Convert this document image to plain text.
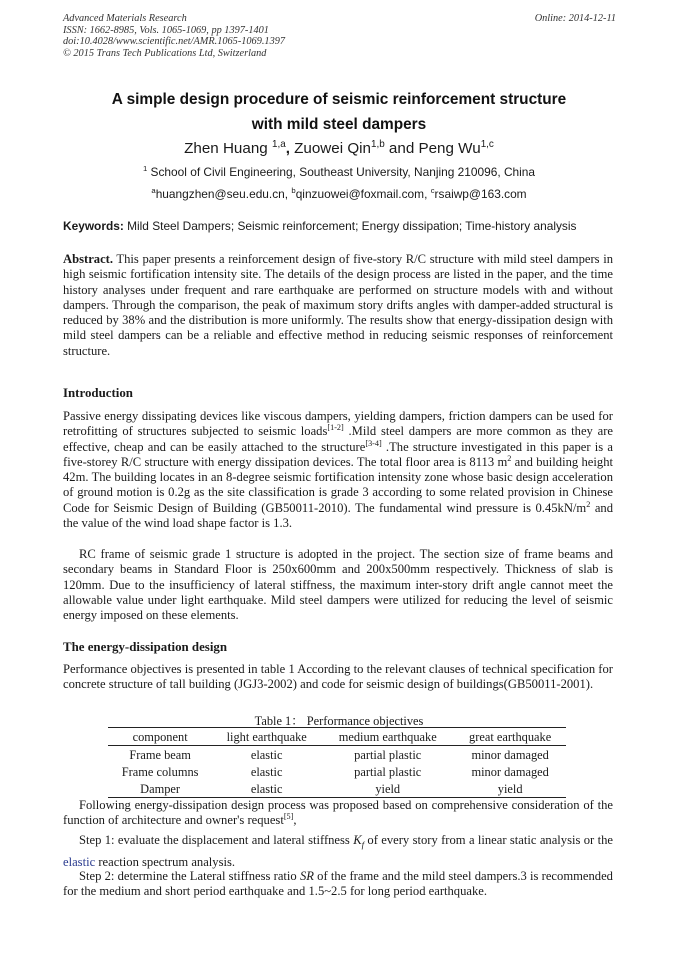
Advanced Materials Research
ISSN: 1662-8985, Vols. 1065-1069, pp 1397-1401
doi:10.4028/www.scientific.net/AMR.1065-1069.1397
© 2015 Trans Tech Publications Ltd, Switzerland
Online: 2014-12-11
A simple design procedure of seismic reinforcement structure
with mild steel dampers
Zhen Huang $^{1,a}$, Zuowei Qin$^{1,b}$ and Peng Wu$^{1,c}$
$^1$ School of Civil Engineering, Southeast University, Nanjing 210096, China
$^a$huangzhen@seu.edu.cn, $^b$qinzuowei@foxmail.com, $^c$rsaiwp@163.com
Keywords: Mild Steel Dampers; Seismic reinforcement; Energy dissipation; Time-history analysis
Abstract. This paper presents a reinforcement design of five-story R/C structure with mild steel dampers in high seismic fortification intensity site. The details of the design process are listed in the paper, and the time history analyses under frequent and rare earthquake are performed on structure models with and without dampers. Through the comparison, the peak of maximum story drifts angles with damper-added structural is reduced by 38% and the distribution is more uniformly. The results show that energy-dissipation design with mild steel dampers can be a reliable and effective method in reducing seismic responses of reinforcement structure.
Introduction
Passive energy dissipating devices like viscous dampers, yielding dampers, friction dampers can be used for retrofitting of structures subjected to seismic loads[1-2] .Mild steel dampers are more common as they are effective, cheap and can be easily attached to the structure[3-4] .The structure investigated in this paper is a five-storey R/C structure with energy dissipation devices. The total floor area is 8113 $m^2$ and building height 42m. The building locates in an 8-degree seismic fortification intensity zone whose basic design acceleration of ground motion is 0.2g as the site classification is grade 3 according to some related provision in Chinese Code for Seismic Design of Building (GB50011-2010). The fundamental wind pressure is $0.45kN/m^2$ and the value of the wind load shape factor is 1.3.
RC frame of seismic grade 1 structure is adopted in the project. The section size of frame beams and secondary beams in Standard Floor is 250x600mm and 200x500mm respectively. Thickness of slab is 120mm. Due to the insufficiency of lateral stiffness, the maximum inter-story drift angle cannot meet the allowable value under light earthquake. Mild steel dampers were utilized for reducing the level of seismic energy imposed on these elements.
The energy-dissipation design
Performance objectives is presented in table 1 According to the relevant clauses of technical specification for concrete structure of tall building (JGJ3-2002) and code for seismic design of buildings(GB50011-2001).
Table 1： Performance objectives
component	light earthquake	medium earthquake	great earthquake
Frame beam	elastic	partial plastic	minor damaged
Frame columns	elastic	partial plastic	minor damaged
Damper	elastic	yield	yield
Following energy-dissipation design process was proposed based on comprehensive consideration of the function of architecture and owner's request[5],
Step 1: evaluate the displacement and lateral stiffness $K_f$ of every story from a linear static analysis or the elastic reaction spectrum analysis.
Step 2: determine the Lateral stiffness ratio SR of the frame and the mild steel dampers.3 is recommended for the medium and short period earthquake and 1.5~2.5 for long period earthquake.
